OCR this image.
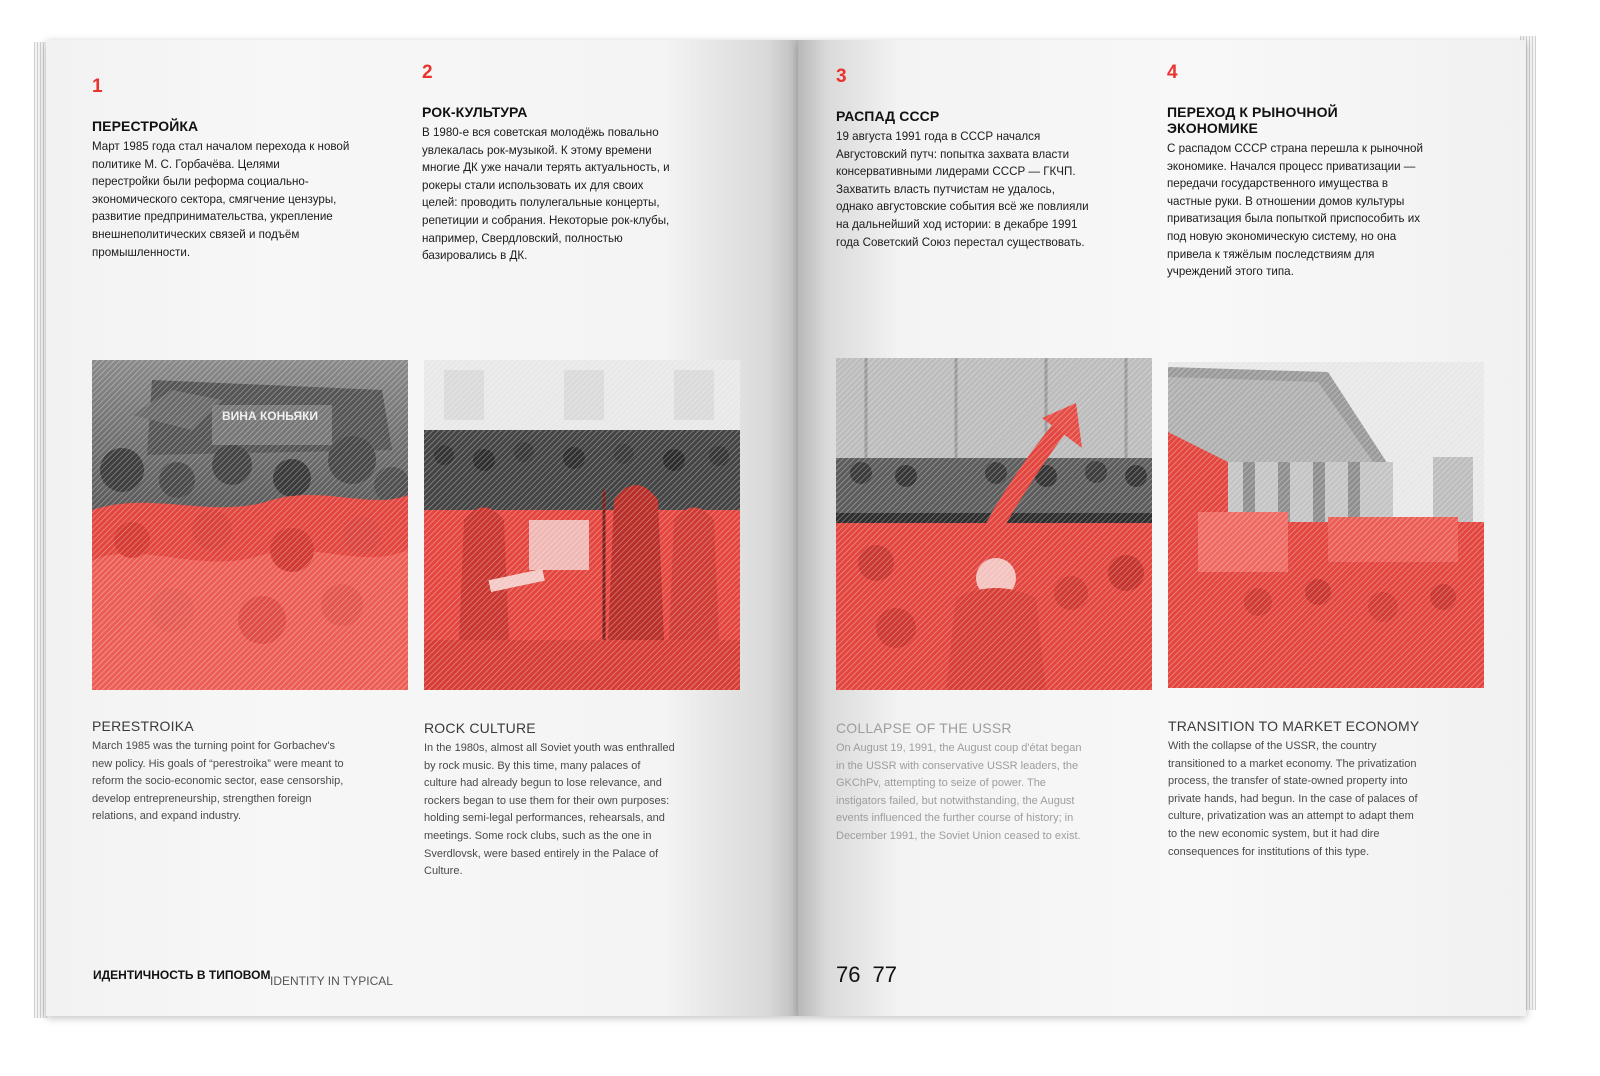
1

ПЕРЕСТРОЙКА

Март 1985 года стал началом перехода к новой политике М. С. Горбачёва. Целями перестройки были реформа социально-экономического сектора, смягчение цензуры, развитие предпринимательства, укрепление внешнеполитических связей и подъём промышленности.

PERESTROIKA

March 1985 was the turning point for Gorbachev's new policy. His goals of “perestroika” were meant to reform the socio-economic sector, ease censorship, develop entrepreneurship, strengthen foreign relations, and expand industry.

2

РОК-КУЛЬТУРА

В 1980-е вся советская молодёжь повально увлекалась рок-музыкой. К этому времени многие ДК уже начали терять актуальность, и рокеры стали использовать их для своих целей: проводить полулегальные концерты, репетиции и собрания. Некоторые рок-клубы, например, Свердловский, полностью базировались в ДК.

ROCK CULTURE

In the 1980s, almost all Soviet youth was enthralled by rock music. By this time, many palaces of culture had already begun to lose relevance, and rockers began to use them for their own purposes: holding semi-legal performances, rehearsals, and meetings. Some rock clubs, such as the one in Sverdlovsk, were based entirely in the Palace of Culture.

3

РАСПАД СССР

19 августа 1991 года в СССР начался Августовский путч: попытка захвата власти консервативными лидерами СССР — ГКЧП. Захватить власть путчистам не удалось, однако августовские события всё же повлияли на дальнейший ход истории: в декабре 1991 года Советский Союз перестал существовать.

COLLAPSE OF THE USSR

On August 19, 1991, the August coup d'état began in the USSR with conservative USSR leaders, the GKChPv, attempting to seize of power. The instigators failed, but notwithstanding, the August events influenced the further course of history; in December 1991, the Soviet Union ceased to exist.

4

ПЕРЕХОД К РЫНОЧНОЙ ЭКОНОМИКЕ

С распадом СССР страна перешла к рыночной экономике. Начался процесс приватизации — передачи государственного имущества в частные руки. В отношении домов культуры приватизация была попыткой приспособить их под новую экономическую систему, но она привела к тяжёлым последствиям для учреждений этого типа.

TRANSITION TO MARKET ECONOMY

With the collapse of the USSR, the country transitioned to a market economy. The privatization process, the transfer of state-owned property into private hands, had begun. In the case of palaces of culture, privatization was an attempt to adapt them to the new economic system, but it had dire consequences for institutions of this type.

ИДЕНТИЧНОСТЬ В ТИПОВОМ IDENTITY IN TYPICAL	76 77
